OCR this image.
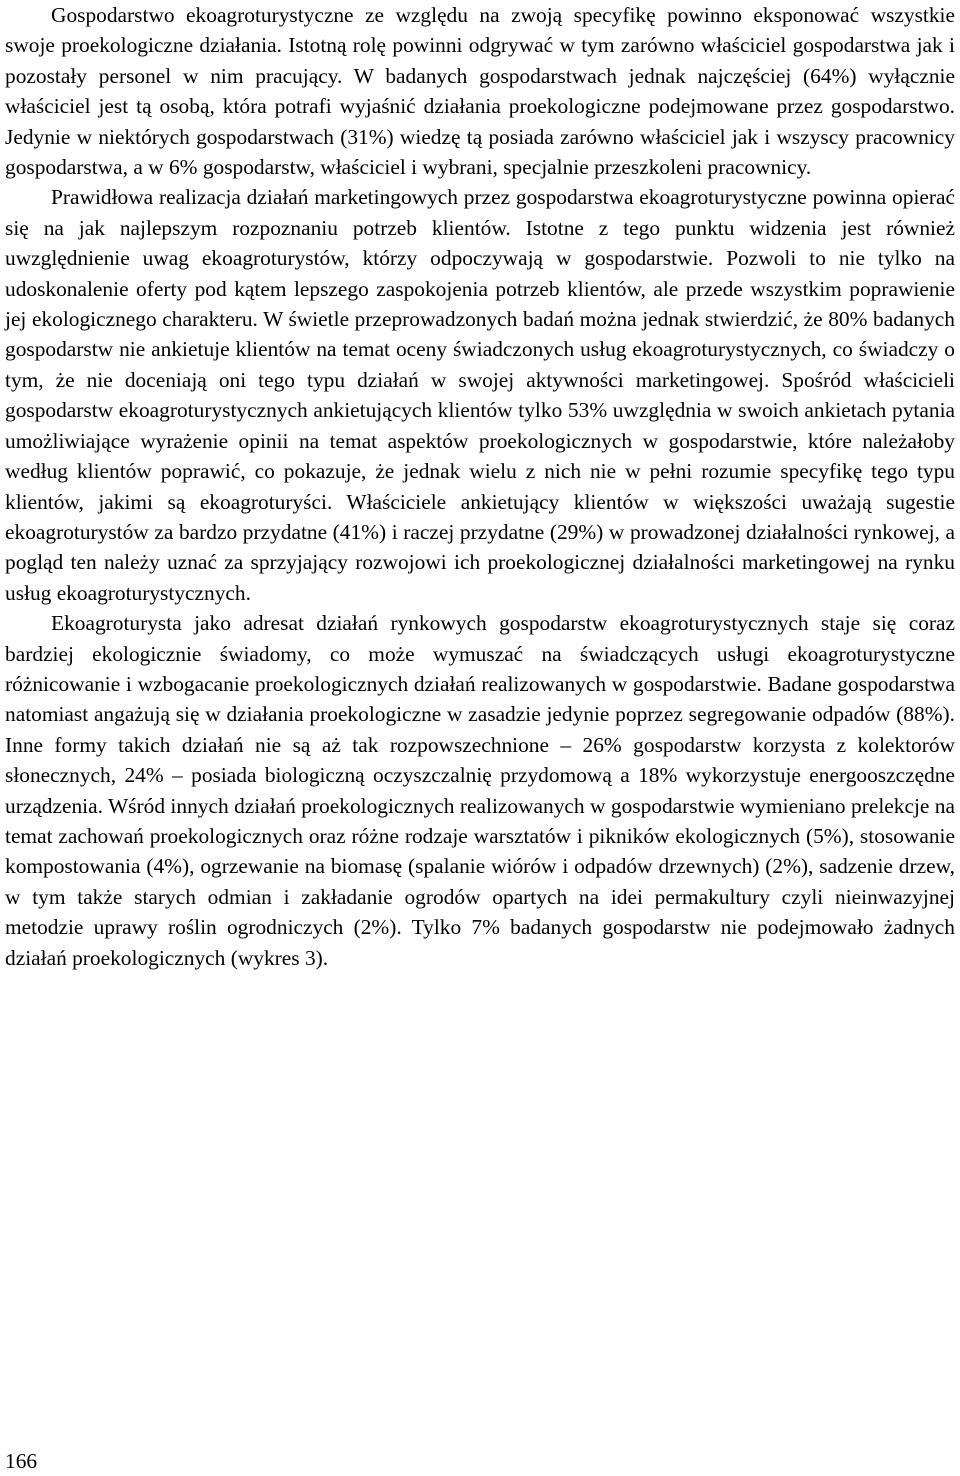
Gospodarstwo ekoagroturystyczne ze względu na zwoją specyfikę powinno eksponować wszystkie swoje proekologiczne działania. Istotną rolę powinni odgrywać w tym zarówno właściciel gospodarstwa jak i pozostały personel w nim pracujący. W badanych gospodarstwach jednak najczęściej (64%) wyłącznie właściciel jest tą osobą, która potrafi wyjaśnić działania proekologiczne podejmowane przez gospodarstwo. Jedynie w niektórych gospodarstwach (31%) wiedzę tą posiada zarówno właściciel jak i wszyscy pracownicy gospodarstwa, a w 6% gospodarstw, właściciel i wybrani, specjalnie przeszkoleni pracownicy.

Prawidłowa realizacja działań marketingowych przez gospodarstwa ekoagroturystyczne powinna opierać się na jak najlepszym rozpoznaniu potrzeb klientów. Istotne z tego punktu widzenia jest również uwzględnienie uwag ekoagroturystów, którzy odpoczywają w gospodarstwie. Pozwoli to nie tylko na udoskonalenie oferty pod kątem lepszego zaspokojenia potrzeb klientów, ale przede wszystkim poprawienie jej ekologicznego charakteru. W świetle przeprowadzonych badań można jednak stwierdzić, że 80% badanych gospodarstw nie ankietuje klientów na temat oceny świadczonych usług ekoagroturystycznych, co świadczy o tym, że nie doceniają oni tego typu działań w swojej aktywności marketingowej. Spośród właścicieli gospodarstw ekoagroturystycznych ankietujących klientów tylko 53% uwzględnia w swoich ankietach pytania umożliwiające wyrażenie opinii na temat aspektów proekologicznych w gospodarstwie, które należałoby według klientów poprawić, co pokazuje, że jednak wielu z nich nie w pełni rozumie specyfikę tego typu klientów, jakimi są ekoagroturyści. Właściciele ankietujący klientów w większości uważają sugestie ekoagroturystów za bardzo przydatne (41%) i raczej przydatne (29%) w prowadzonej działalności rynkowej, a pogląd ten należy uznać za sprzyjający rozwojowi ich proekologicznej działalności marketingowej na rynku usług ekoagroturystycznych.

Ekoagroturysta jako adresat działań rynkowych gospodarstw ekoagroturystycznych staje się coraz bardziej ekologicznie świadomy, co może wymuszać na świadczących usługi ekoagroturystyczne różnicowanie i wzbogacanie proekologicznych działań realizowanych w gospodarstwie. Badane gospodarstwa natomiast angażują się w działania proekologiczne w zasadzie jedynie poprzez segregowanie odpadów (88%). Inne formy takich działań nie są aż tak rozpowszechnione – 26% gospodarstw korzysta z kolektorów słonecznych, 24% – posiada biologiczną oczyszczalnię przydomową a 18% wykorzystuje energooszczędne urządzenia. Wśród innych działań proekologicznych realizowanych w gospodarstwie wymieniano prelekcje na temat zachowań proekologicznych oraz różne rodzaje warsztatów i pikników ekologicznych (5%), stosowanie kompostowania (4%), ogrzewanie na biomasę (spalanie wiórów i odpadów drzewnych) (2%), sadzenie drzew, w tym także starych odmian i zakładanie ogrodów opartych na idei permakultury czyli nieinwazyjnej metodzie uprawy roślin ogrodniczych (2%). Tylko 7% badanych gospodarstw nie podejmowało żadnych działań proekologicznych (wykres 3).

166
